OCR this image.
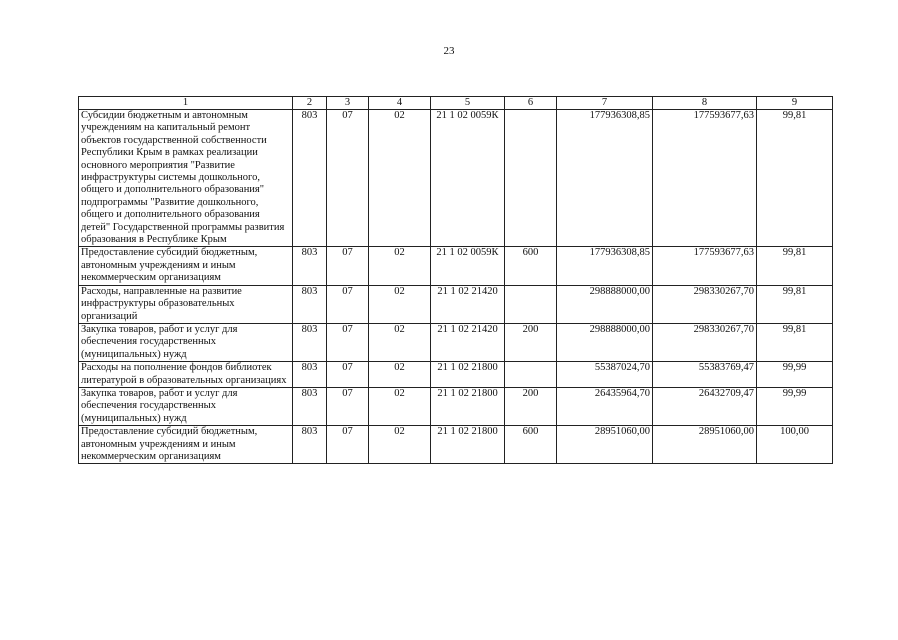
23
1	2	3	4	5	6	7	8	9
Субсидии бюджетным и автономным учреждениям на капитальный ремонт объектов государственной собственности Республики Крым в рамках реализации основного мероприятия "Развитие инфраструктуры системы дошкольного, общего и дополнительного образования" подпрограммы "Развитие дошкольного, общего и дополнительного образования детей" Государственной программы развития образования в Республике Крым	803	07	02	21 1 02 0059К		177936308,85	177593677,63	99,81
Предоставление субсидий бюджетным, автономным учреждениям и иным некоммерческим организациям	803	07	02	21 1 02 0059К	600	177936308,85	177593677,63	99,81
Расходы, направленные на развитие инфраструктуры образовательных организаций	803	07	02	21 1 02 21420		298888000,00	298330267,70	99,81
Закупка товаров, работ и услуг для обеспечения государственных (муниципальных) нужд	803	07	02	21 1 02 21420	200	298888000,00	298330267,70	99,81
Расходы на пополнение фондов библиотек литературой в образовательных организациях	803	07	02	21 1 02 21800		55387024,70	55383769,47	99,99
Закупка товаров, работ и услуг для обеспечения государственных (муниципальных) нужд	803	07	02	21 1 02 21800	200	26435964,70	26432709,47	99,99
Предоставление субсидий бюджетным, автономным учреждениям и иным некоммерческим организациям	803	07	02	21 1 02 21800	600	28951060,00	28951060,00	100,00
